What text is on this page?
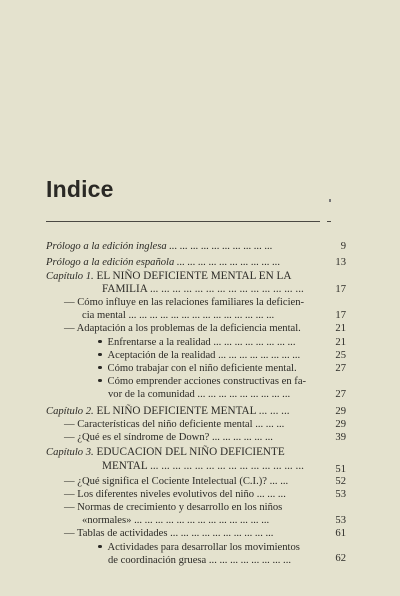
Indice
Prólogo a la edición inglesa ... ... ... ... ... ... ... ... ... ...	9
Prólogo a la edición española ... ... ... ... ... ... ... ... ... ...	13
Capítulo 1. EL NIÑO DEFICIENTE MENTAL EN LA
FAMILIA ... ... ... ... ... ... ... ... ... ... ... ... ... ...	17
— Cómo influye en las relaciones familiares la deficien-
cia mental ... ... ... ... ... ... ... ... ... ... ... ... ... ...	17
— Adaptación a los problemas de la deficiencia mental.	21
Enfrentarse a la realidad ... ... ... ... ... ... ... ...	21
Aceptación de la realidad ... ... ... ... ... ... ... ...	25
Cómo trabajar con el niño deficiente mental.	27
Cómo emprender acciones constructivas en fa-
vor de la comunidad ... ... ... ... ... ... ... ... ...	27
Capítulo 2. EL NIÑO DEFICIENTE MENTAL ... ... ...	29
— Características del niño deficiente mental ... ... ...	29
— ¿Qué es el síndrome de Down? ... ... ... ... ... ...	39
Capítulo 3. EDUCACION DEL NIÑO DEFICIENTE
MENTAL ... ... ... ... ... ... ... ... ... ... ... ... ... ...	51
— ¿Qué significa el Cociente Intelectual (C.I.)? ... ...	52
— Los diferentes niveles evolutivos del niño ... ... ...	53
— Normas de crecimiento y desarrollo en los niños
«normales» ... ... ... ... ... ... ... ... ... ... ... ... ...	53
— Tablas de actividades ... ... ... ... ... ... ... ... ... ...	61
Actividades para desarrollar los movimientos
de coordinación gruesa ... ... ... ... ... ... ... ...	62
